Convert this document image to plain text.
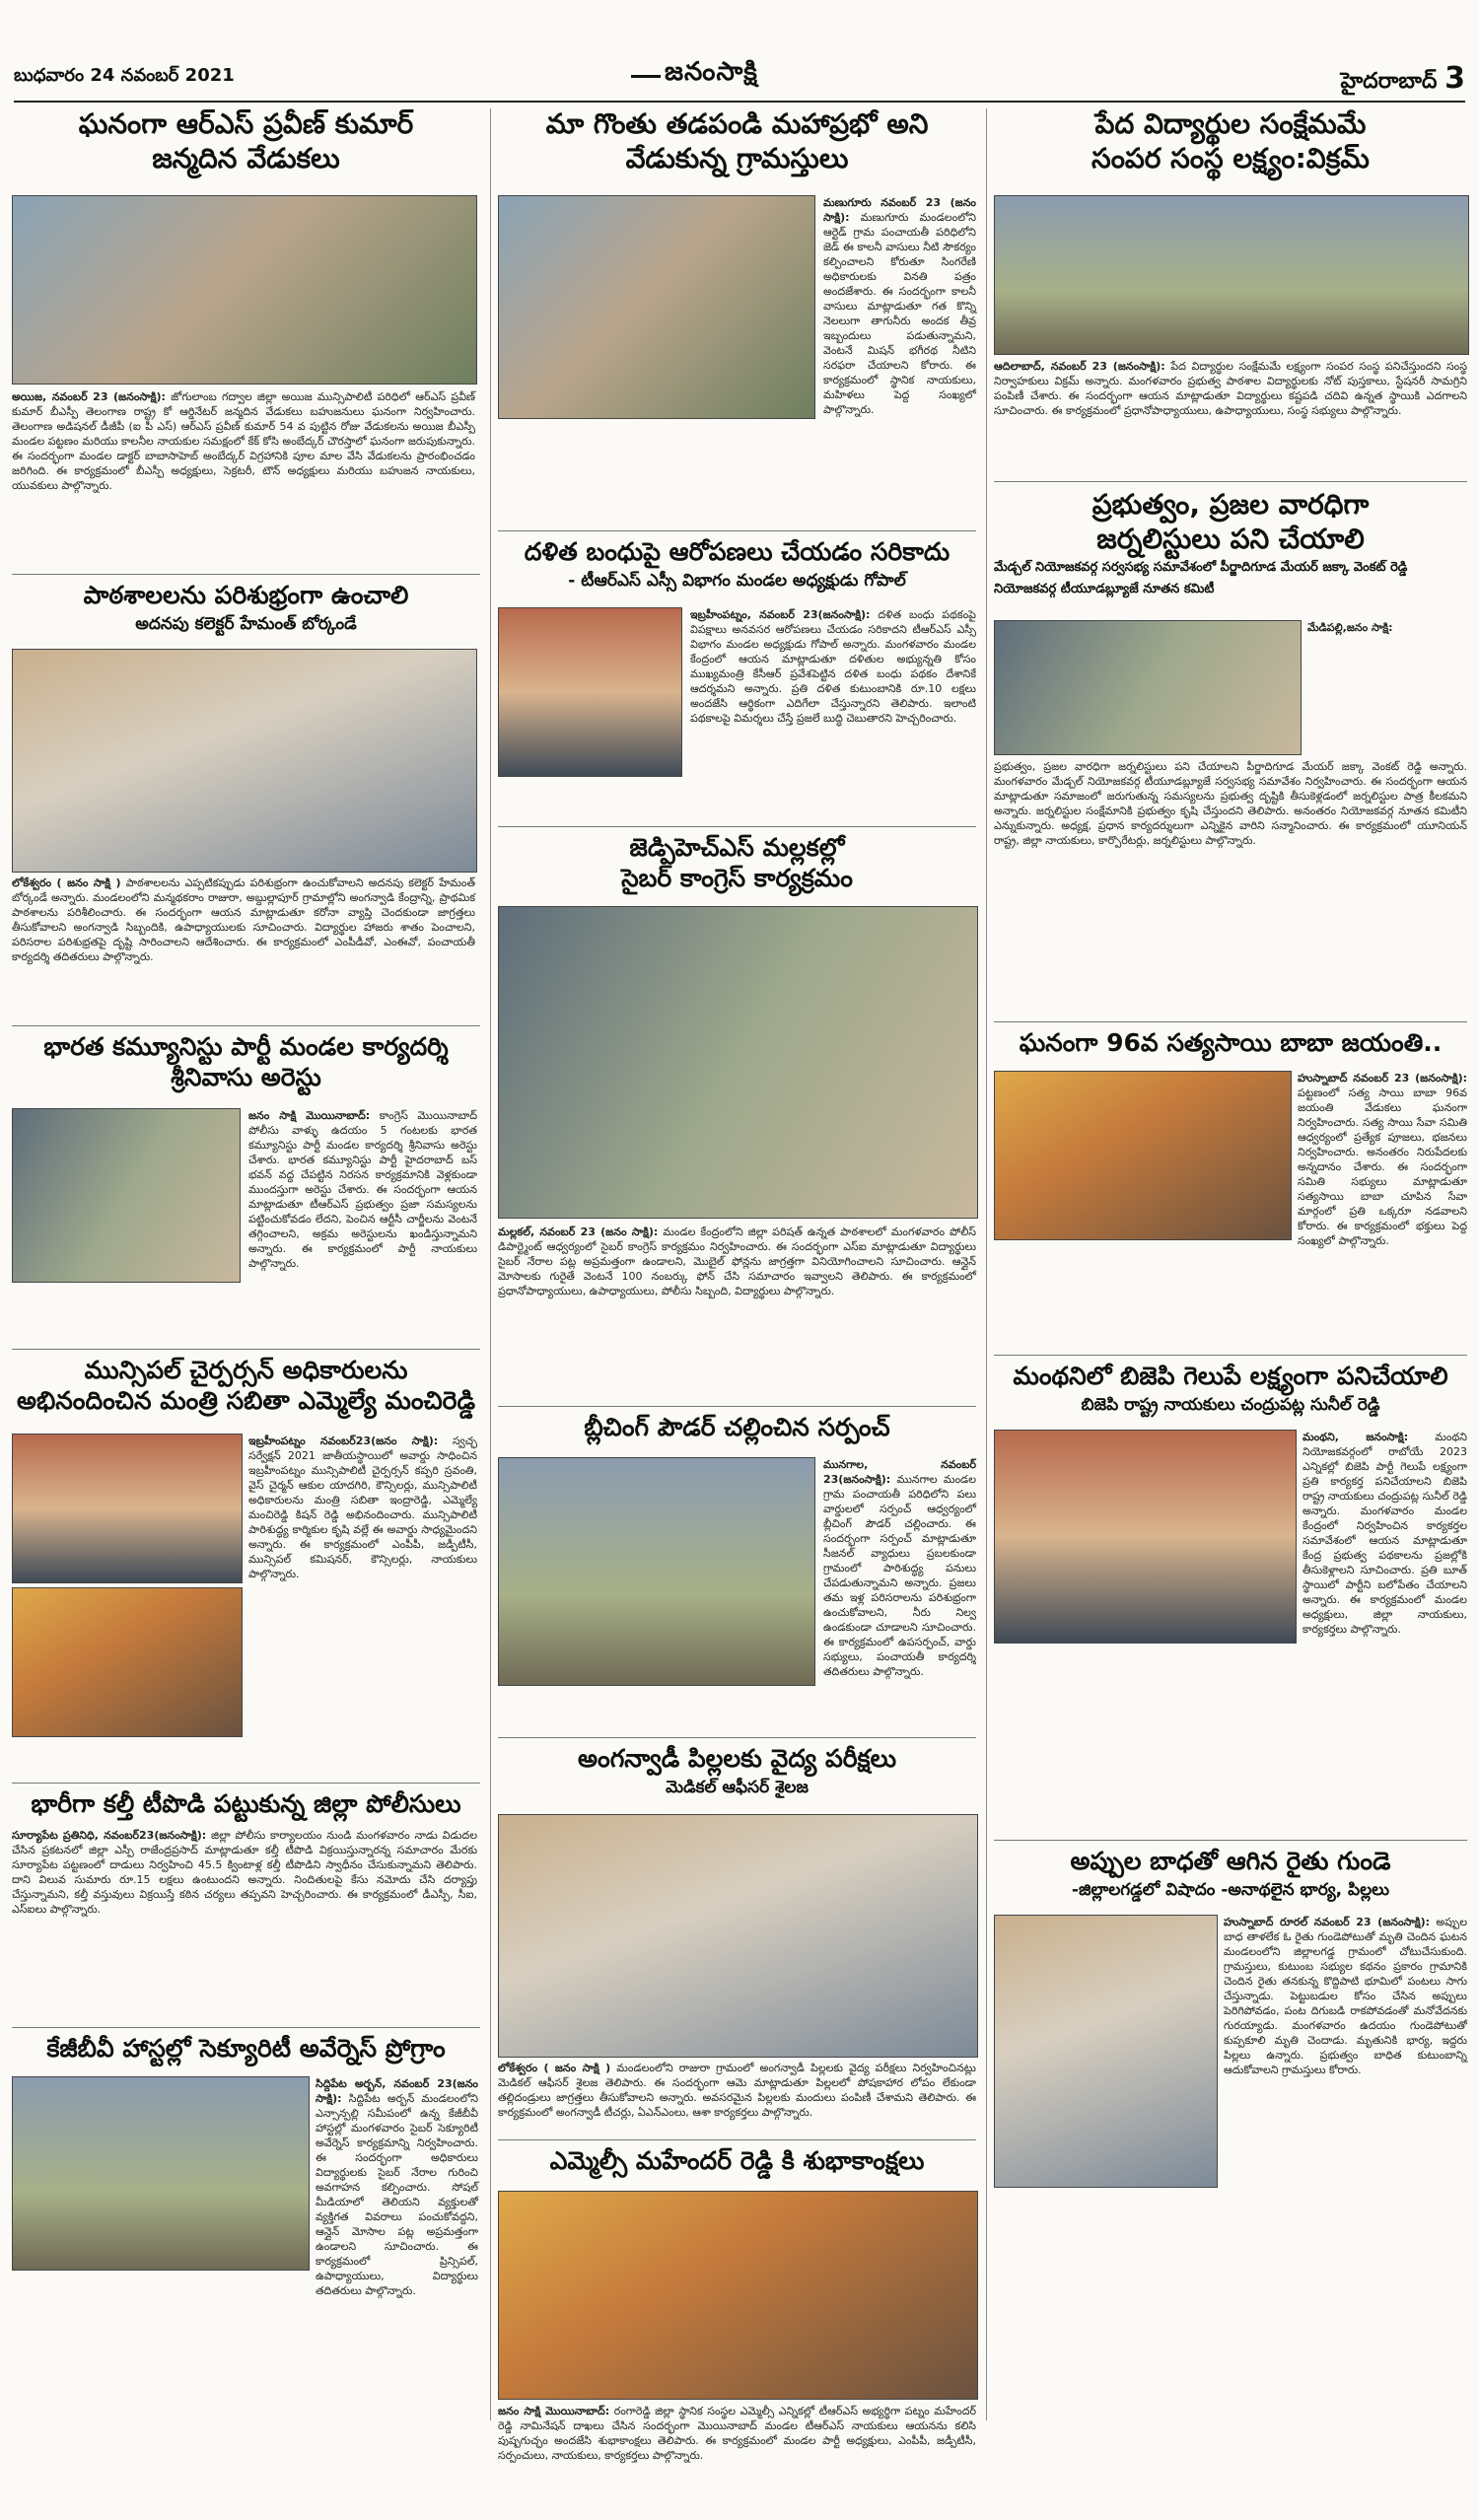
బుధవారం 24 నవంబర్ 2021	జనంసాక్షి	హైదరాబాద్ 3
ఘనంగా ఆర్ఎస్ ప్రవీణ్ కుమార్
జన్మదిన వేడుకలు
అయిజ, నవంబర్ 23 (జనంసాక్షి): జోగులాంబ గద్వాల జిల్లా అయిజ మున్సిపాలిటీ పరిధిలో ఆర్ఎస్ ప్రవీణ్ కుమార్ బీఎస్పీ తెలంగాణ రాష్ట్ర కో ఆర్డినేటర్ జన్మదిన వేడుకలు బహుజనులు ఘనంగా నిర్వహించారు. తెలంగాణ అడిషనల్ డీజీపీ (ఐ పీ ఎస్) ఆర్ఎస్ ప్రవీణ్ కుమార్ 54 వ పుట్టిన రోజు వేడుకలను అయిజ బీఎస్పీ మండల పట్టణం మరియు కాలనీల నాయకుల సమక్షంలో కేక్ కోసి అంబేద్కర్ చౌరస్తాలో ఘనంగా జరుపుకున్నారు. ఈ సందర్భంగా మండల డాక్టర్ బాబాసాహెబ్ అంబేద్కర్ విగ్రహానికి పూల మాల వేసి వేడుకలను ప్రారంభించడం జరిగింది. ఈ కార్యక్రమంలో బీఎస్పీ అధ్యక్షులు, సెక్రటరీ, టౌన్ అధ్యక్షులు మరియు బహుజన నాయకులు, యువకులు పాల్గొన్నారు.
పాఠశాలలను పరిశుభ్రంగా ఉంచాలి
అదనపు కలెక్టర్ హేమంత్ బోర్కండే
లోకేశ్వరం ( జనం సాక్షి ) పాఠశాలలను ఎప్పటికప్పుడు పరిశుభ్రంగా ఉంచుకోవాలని అదనపు కలెక్టర్ హేమంత్ బోర్కండే అన్నారు. మండలంలోని మన్మథకరాం రాజురా, అబ్దుల్లాపూర్ గ్రామాల్లోని అంగన్వాడి కేంద్రాన్ని, ప్రాథమిక పాఠశాలను పరిశీలించారు. ఈ సందర్భంగా ఆయన మాట్లాడుతూ కరోనా వ్యాప్తి చెందకుండా జాగ్రత్తలు తీసుకోవాలని అంగన్వాడి సిబ్బందికి, ఉపాధ్యాయులకు సూచించారు. విద్యార్థుల హాజరు శాతం పెంచాలని, పరిసరాల పరిశుభ్రతపై దృష్టి సారించాలని ఆదేశించారు. ఈ కార్యక్రమంలో ఎంపీడీవో, ఎంఈవో, పంచాయతీ కార్యదర్శి తదితరులు పాల్గొన్నారు.
భారత కమ్యూనిస్టు పార్టీ మండల కార్యదర్శి
శ్రీనివాసు అరెస్టు
జనం సాక్షి మొయినాబాద్: కాంగ్రెస్ మొయినాబాద్ పోలీసు వాళ్ళు ఉదయం 5 గంటలకు భారత కమ్యూనిస్టు పార్టీ మండల కార్యదర్శి శ్రీనివాసు అరెస్టు చేశారు. భారత కమ్యూనిస్టు పార్టీ హైదరాబాద్ బస్ భవన్ వద్ద చేపట్టిన నిరసన కార్యక్రమానికి వెళ్లకుండా ముందస్తుగా అరెస్టు చేశారు. ఈ సందర్భంగా ఆయన మాట్లాడుతూ టీఆర్ఎస్ ప్రభుత్వం ప్రజా సమస్యలను పట్టించుకోవడం లేదని, పెంచిన ఆర్టీసీ చార్జీలను వెంటనే తగ్గించాలని, అక్రమ అరెస్టులను ఖండిస్తున్నామని అన్నారు. ఈ కార్యక్రమంలో పార్టీ నాయకులు పాల్గొన్నారు.
మున్సిపల్ చైర్పర్సన్ అధికారులను
అభినందించిన మంత్రి సబితా ఎమ్మెల్యే మంచిరెడ్డి
ఇబ్రహీంపట్నం నవంబర్23(జనం సాక్షి): స్వచ్ఛ సర్వేక్షన్ 2021 జాతీయస్థాయిలో అవార్డు సాధించిన ఇబ్రహీంపట్నం మున్సిపాలిటీ చైర్పర్సన్ కప్పరి స్రవంతి, వైస్ చైర్మన్ ఆకుల యాదగిరి, కౌన్సిలర్లు, మున్సిపాలిటీ అధికారులను మంత్రి సబితా ఇంద్రారెడ్డి, ఎమ్మెల్యే మంచిరెడ్డి కిషన్ రెడ్డి అభినందించారు. మున్సిపాలిటీ పారిశుద్ధ్య కార్మికుల కృషి వల్లే ఈ అవార్డు సాధ్యమైందని అన్నారు. ఈ కార్యక్రమంలో ఎంపీపీ, జడ్పీటీసీ, మున్సిపల్ కమిషనర్, కౌన్సిలర్లు, నాయకులు పాల్గొన్నారు.
భారీగా కల్తీ టీపొడి పట్టుకున్న జిల్లా పోలీసులు
సూర్యాపేట ప్రతినిధి, నవంబర్23(జనంసాక్షి): జిల్లా పోలీసు కార్యాలయం నుండి మంగళవారం నాడు విడుదల చేసిన ప్రకటనలో జిల్లా ఎస్పీ రాజేంద్రప్రసాద్ మాట్లాడుతూ కల్తీ టీపొడి విక్రయిస్తున్నారన్న సమాచారం మేరకు సూర్యాపేట పట్టణంలో దాడులు నిర్వహించి 45.5 క్వింటాళ్ల కల్తీ టీపొడిని స్వాధీనం చేసుకున్నామని తెలిపారు. దాని విలువ సుమారు రూ.15 లక్షలు ఉంటుందని అన్నారు. నిందితులపై కేసు నమోదు చేసి దర్యాప్తు చేస్తున్నామని, కల్తీ వస్తువులు విక్రయిస్తే కఠిన చర్యలు తప్పవని హెచ్చరించారు. ఈ కార్యక్రమంలో డీఎస్పీ, సీఐ, ఎస్ఐలు పాల్గొన్నారు.
కేజీబీవీ హాస్టల్లో సెక్యూరిటీ అవేర్నెస్ ప్రోగ్రాం
సిద్దిపేట అర్బన్, నవంబర్ 23(జనం సాక్షి): సిద్దిపేట అర్బన్ మండలంలోని ఎన్సాన్పల్లి సమీపంలో ఉన్న కేజీబీవీ హాస్టల్లో మంగళవారం సైబర్ సెక్యూరిటీ అవేర్నెస్ కార్యక్రమాన్ని నిర్వహించారు. ఈ సందర్భంగా అధికారులు విద్యార్థులకు సైబర్ నేరాల గురించి అవగాహన కల్పించారు. సోషల్ మీడియాలో తెలియని వ్యక్తులతో వ్యక్తిగత వివరాలు పంచుకోవద్దని, ఆన్లైన్ మోసాల పట్ల అప్రమత్తంగా ఉండాలని సూచించారు. ఈ కార్యక్రమంలో ప్రిన్సిపల్, ఉపాధ్యాయులు, విద్యార్థులు తదితరులు పాల్గొన్నారు.
మా గొంతు తడపండి మహాప్రభో అని
వేడుకున్న గ్రామస్తులు
మణుగూరు నవంబర్ 23 (జనం సాక్షి): మణుగూరు మండలంలోని ఆర్టెడ్ గ్రామ పంచాయతీ పరిధిలోని జెడ్ ఈ కాలనీ వాసులు నీటి సౌకర్యం కల్పించాలని కోరుతూ సింగరేణి అధికారులకు వినతి పత్రం అందజేశారు. ఈ సందర్భంగా కాలనీ వాసులు మాట్లాడుతూ గత కొన్ని నెలలుగా తాగునీరు అందక తీవ్ర ఇబ్బందులు పడుతున్నామని, వెంటనే మిషన్ భగీరథ నీటిని సరఫరా చేయాలని కోరారు. ఈ కార్యక్రమంలో స్థానిక నాయకులు, మహిళలు పెద్ద సంఖ్యలో పాల్గొన్నారు.
దళిత బంధుపై ఆరోపణలు చేయడం సరికాదు
- టీఆర్ఎస్ ఎస్సీ విభాగం మండల అధ్యక్షుడు గోపాల్
ఇబ్రహీంపట్నం, నవంబర్ 23(జనంసాక్షి): దళిత బంధు పథకంపై విపక్షాలు అనవసర ఆరోపణలు చేయడం సరికాదని టీఆర్ఎస్ ఎస్సీ విభాగం మండల అధ్యక్షుడు గోపాల్ అన్నారు. మంగళవారం మండల కేంద్రంలో ఆయన మాట్లాడుతూ దళితుల అభ్యున్నతి కోసం ముఖ్యమంత్రి కేసీఆర్ ప్రవేశపెట్టిన దళిత బంధు పథకం దేశానికే ఆదర్శమని అన్నారు. ప్రతి దళిత కుటుంబానికి రూ.10 లక్షలు అందజేసి ఆర్థికంగా ఎదిగేలా చేస్తున్నారని తెలిపారు. ఇలాంటి పథకాలపై విమర్శలు చేస్తే ప్రజలే బుద్ధి చెబుతారని హెచ్చరించారు.
జెడ్పిహెచ్ఎస్ మల్లకల్లో
సైబర్ కాంగ్రెస్ కార్యక్రమం
మల్లకల్, నవంబర్ 23 (జనం సాక్షి): మండల కేంద్రంలోని జిల్లా పరిషత్ ఉన్నత పాఠశాలలో మంగళవారం పోలీస్ డిపార్ట్మెంట్ ఆధ్వర్యంలో సైబర్ కాంగ్రెస్ కార్యక్రమం నిర్వహించారు. ఈ సందర్భంగా ఎస్ఐ మాట్లాడుతూ విద్యార్థులు సైబర్ నేరాల పట్ల అప్రమత్తంగా ఉండాలని, మొబైల్ ఫోన్లను జాగ్రత్తగా వినియోగించాలని సూచించారు. ఆన్లైన్ మోసాలకు గురైతే వెంటనే 100 నంబర్కు ఫోన్ చేసి సమాచారం ఇవ్వాలని తెలిపారు. ఈ కార్యక్రమంలో ప్రధానోపాధ్యాయులు, ఉపాధ్యాయులు, పోలీసు సిబ్బంది, విద్యార్థులు పాల్గొన్నారు.
బ్లీచింగ్ పౌడర్ చల్లించిన సర్పంచ్
మునగాల, నవంబర్ 23(జనంసాక్షి): మునగాల మండల గ్రామ పంచాయతీ పరిధిలోని పలు వార్డులలో సర్పంచ్ ఆధ్వర్యంలో బ్లీచింగ్ పౌడర్ చల్లించారు. ఈ సందర్భంగా సర్పంచ్ మాట్లాడుతూ సీజనల్ వ్యాధులు ప్రబలకుండా గ్రామంలో పారిశుద్ధ్య పనులు చేపడుతున్నామని అన్నారు. ప్రజలు తమ ఇళ్ల పరిసరాలను పరిశుభ్రంగా ఉంచుకోవాలని, నీరు నిల్వ ఉండకుండా చూడాలని సూచించారు. ఈ కార్యక్రమంలో ఉపసర్పంచ్, వార్డు సభ్యులు, పంచాయతీ కార్యదర్శి తదితరులు పాల్గొన్నారు.
అంగన్వాడీ పిల్లలకు వైద్య పరీక్షలు
మెడికల్ ఆఫీసర్ శైలజ
లోకేశ్వరం ( జనం సాక్షి ) మండలంలోని రాజురా గ్రామంలో అంగన్వాడీ పిల్లలకు వైద్య పరీక్షలు నిర్వహించినట్లు మెడికల్ ఆఫీసర్ శైలజ తెలిపారు. ఈ సందర్భంగా ఆమె మాట్లాడుతూ పిల్లలలో పోషకాహార లోపం లేకుండా తల్లిదండ్రులు జాగ్రత్తలు తీసుకోవాలని అన్నారు. అవసరమైన పిల్లలకు మందులు పంపిణీ చేశామని తెలిపారు. ఈ కార్యక్రమంలో అంగన్వాడీ టీచర్లు, ఏఎన్ఎంలు, ఆశా కార్యకర్తలు పాల్గొన్నారు.
ఎమ్మెల్సీ మహేందర్ రెడ్డి కి శుభాకాంక్షలు
జనం సాక్షి మొయినాబాద్: రంగారెడ్డి జిల్లా స్థానిక సంస్థల ఎమ్మెల్సీ ఎన్నికల్లో టీఆర్ఎస్ అభ్యర్థిగా పట్నం మహేందర్ రెడ్డి నామినేషన్ దాఖలు చేసిన సందర్భంగా మొయినాబాద్ మండల టీఆర్ఎస్ నాయకులు ఆయనను కలిసి పుష్పగుచ్ఛం అందజేసి శుభాకాంక్షలు తెలిపారు. ఈ కార్యక్రమంలో మండల పార్టీ అధ్యక్షులు, ఎంపీపీ, జడ్పీటీసీ, సర్పంచులు, నాయకులు, కార్యకర్తలు పాల్గొన్నారు.
పేద విద్యార్థుల సంక్షేమమే
సంపర సంస్థ లక్ష్యం:విక్రమ్
ఆదిలాబాద్, నవంబర్ 23 (జనంసాక్షి): పేద విద్యార్థుల సంక్షేమమే లక్ష్యంగా సంపర సంస్థ పనిచేస్తుందని సంస్థ నిర్వాహకులు విక్రమ్ అన్నారు. మంగళవారం ప్రభుత్వ పాఠశాల విద్యార్థులకు నోట్ పుస్తకాలు, స్టేషనరీ సామగ్రిని పంపిణీ చేశారు. ఈ సందర్భంగా ఆయన మాట్లాడుతూ విద్యార్థులు కష్టపడి చదివి ఉన్నత స్థాయికి ఎదగాలని సూచించారు. ఈ కార్యక్రమంలో ప్రధానోపాధ్యాయులు, ఉపాధ్యాయులు, సంస్థ సభ్యులు పాల్గొన్నారు.
ప్రభుత్వం, ప్రజల వారధిగా
జర్నలిస్టులు పని చేయాలి
మేడ్చల్ నియోజకవర్గ సర్వసభ్య సమావేశంలో పీర్జాదిగూడ మేయర్ జక్కా వెంకట్ రెడ్డి
నియోజకవర్గ టీయూడబ్ల్యూజే నూతన కమిటీ
మేడిపల్లి,జనం సాక్షి:
ప్రభుత్వం, ప్రజల వారధిగా జర్నలిస్టులు పని చేయాలని పీర్జాదిగూడ మేయర్ జక్కా వెంకట్ రెడ్డి అన్నారు. మంగళవారం మేడ్చల్ నియోజకవర్గ టీయూడబ్ల్యూజే సర్వసభ్య సమావేశం నిర్వహించారు. ఈ సందర్భంగా ఆయన మాట్లాడుతూ సమాజంలో జరుగుతున్న సమస్యలను ప్రభుత్వ దృష్టికి తీసుకెళ్లడంలో జర్నలిస్టుల పాత్ర కీలకమని అన్నారు. జర్నలిస్టుల సంక్షేమానికి ప్రభుత్వం కృషి చేస్తుందని తెలిపారు. అనంతరం నియోజకవర్గ నూతన కమిటీని ఎన్నుకున్నారు. అధ్యక్ష, ప్రధాన కార్యదర్శులుగా ఎన్నికైన వారిని సన్మానించారు. ఈ కార్యక్రమంలో యూనియన్ రాష్ట్ర, జిల్లా నాయకులు, కార్పొరేటర్లు, జర్నలిస్టులు పాల్గొన్నారు.
ఘనంగా 96వ సత్యసాయి బాబా జయంతి..
హుస్నాబాద్ నవంబర్ 23 (జనంసాక్షి): పట్టణంలో సత్య సాయి బాబా 96వ జయంతి వేడుకలు ఘనంగా నిర్వహించారు. సత్య సాయి సేవా సమితి ఆధ్వర్యంలో ప్రత్యేక పూజలు, భజనలు నిర్వహించారు. అనంతరం నిరుపేదలకు అన్నదానం చేశారు. ఈ సందర్భంగా సమితి సభ్యులు మాట్లాడుతూ సత్యసాయి బాబా చూపిన సేవా మార్గంలో ప్రతి ఒక్కరూ నడవాలని కోరారు. ఈ కార్యక్రమంలో భక్తులు పెద్ద సంఖ్యలో పాల్గొన్నారు.
మంథనిలో బిజెపి గెలుపే లక్ష్యంగా పనిచేయాలి
బిజెపి రాష్ట్ర నాయకులు చంద్రుపట్ల సునీల్ రెడ్డి
మంథని, జనంసాక్షి: మంథని నియోజకవర్గంలో రాబోయే 2023 ఎన్నికల్లో బిజెపి పార్టీ గెలుపే లక్ష్యంగా ప్రతి కార్యకర్త పనిచేయాలని బిజెపి రాష్ట్ర నాయకులు చంద్రుపట్ల సునీల్ రెడ్డి అన్నారు. మంగళవారం మండల కేంద్రంలో నిర్వహించిన కార్యకర్తల సమావేశంలో ఆయన మాట్లాడుతూ కేంద్ర ప్రభుత్వ పథకాలను ప్రజల్లోకి తీసుకెళ్లాలని సూచించారు. ప్రతి బూత్ స్థాయిలో పార్టీని బలోపేతం చేయాలని అన్నారు. ఈ కార్యక్రమంలో మండల అధ్యక్షులు, జిల్లా నాయకులు, కార్యకర్తలు పాల్గొన్నారు.
అప్పుల బాధతో ఆగిన రైతు గుండె
-జిల్లాలగడ్డలో విషాదం -అనాథలైన భార్య, పిల్లలు
హుస్నాబాద్ రూరల్ నవంబర్ 23 (జనంసాక్షి): అప్పుల బాధ తాళలేక ఓ రైతు గుండెపోటుతో మృతి చెందిన ఘటన మండలంలోని జిల్లాలగడ్డ గ్రామంలో చోటుచేసుకుంది. గ్రామస్తులు, కుటుంబ సభ్యుల కథనం ప్రకారం గ్రామానికి చెందిన రైతు తనకున్న కొద్దిపాటి భూమిలో పంటలు సాగు చేస్తున్నాడు. పెట్టుబడుల కోసం చేసిన అప్పులు పెరిగిపోవడం, పంట దిగుబడి రాకపోవడంతో మనోవేదనకు గురయ్యాడు. మంగళవారం ఉదయం గుండెపోటుతో కుప్పకూలి మృతి చెందాడు. మృతునికి భార్య, ఇద్దరు పిల్లలు ఉన్నారు. ప్రభుత్వం బాధిత కుటుంబాన్ని ఆదుకోవాలని గ్రామస్తులు కోరారు.
